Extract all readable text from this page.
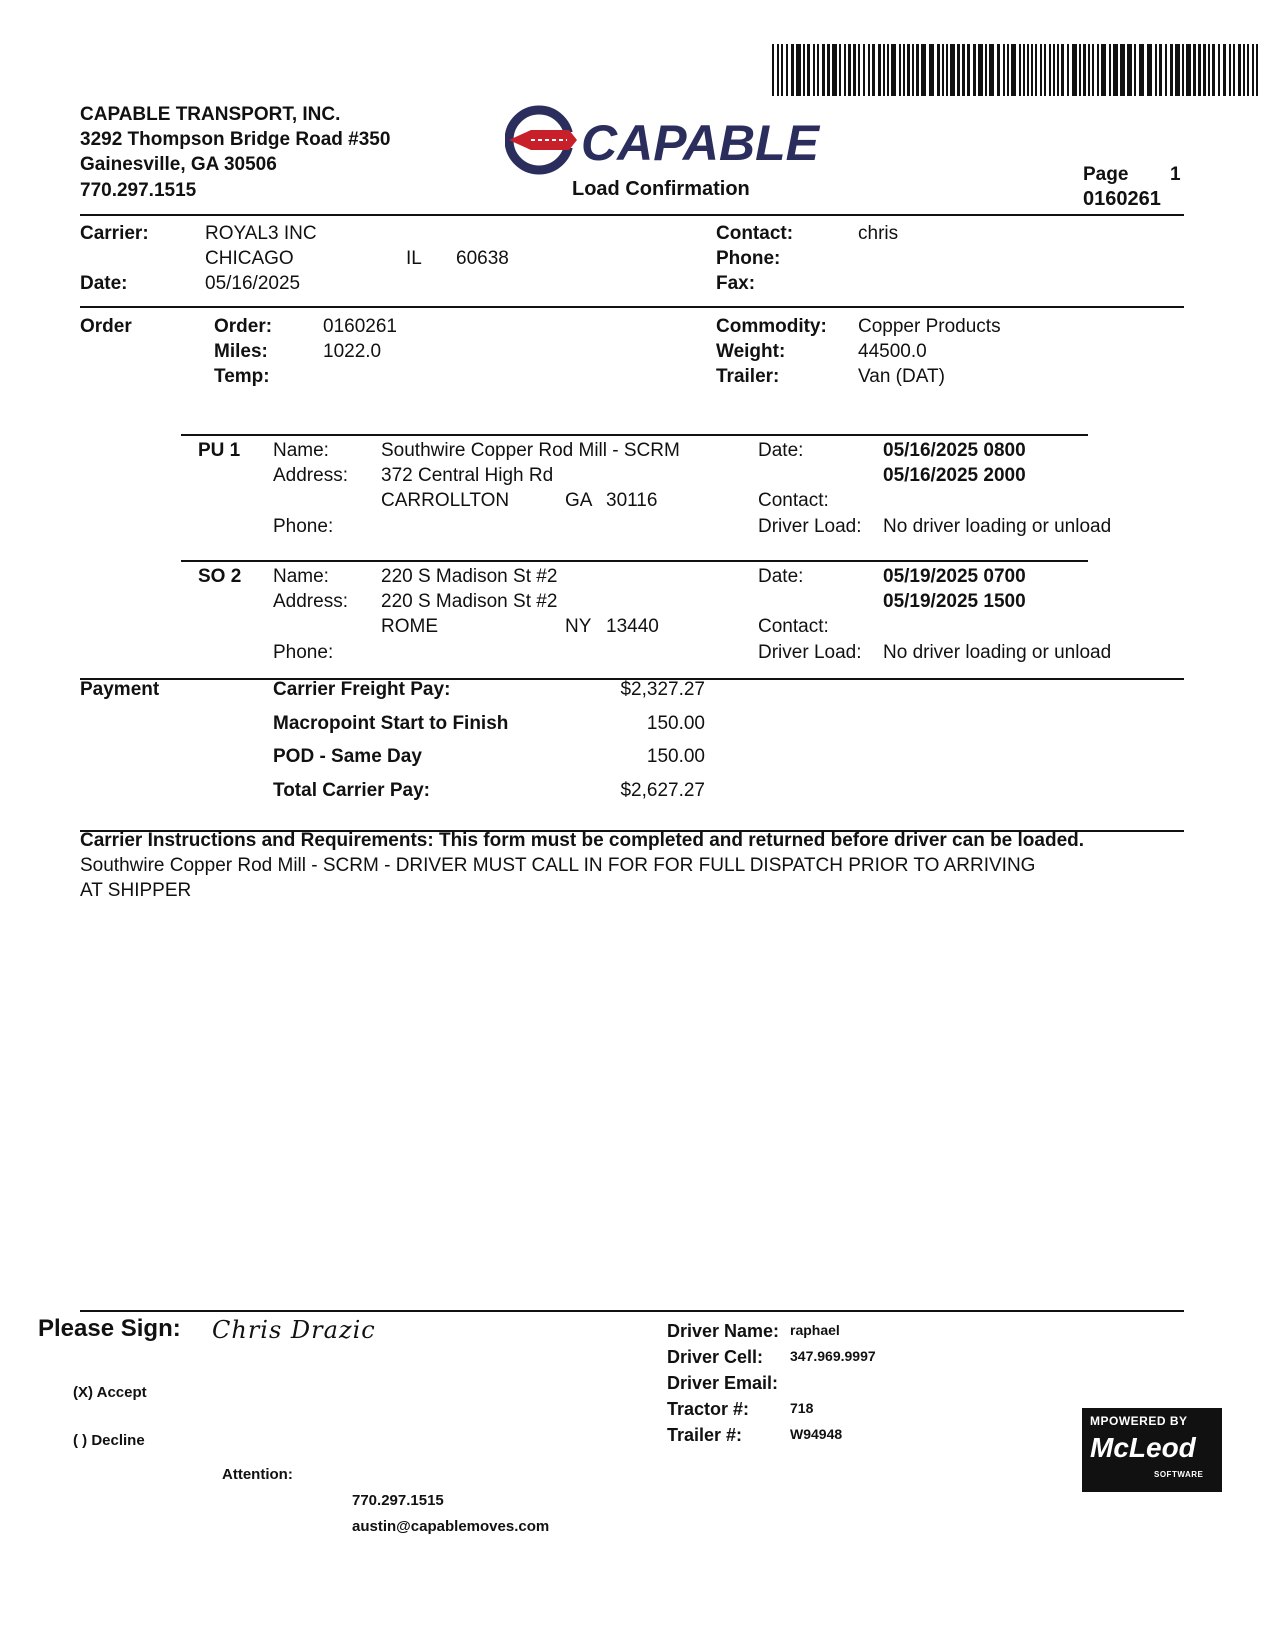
CAPABLE TRANSPORT, INC.
3292 Thompson Bridge Road #350
Gainesville, GA 30506
770.297.1515
CAPABLE
Load Confirmation
Page 1
0160261
Carrier:	ROYAL3 INC
CHICAGO	IL 60638
Date:	05/16/2025
Contact:	chris
Phone:
Fax:
Order	Order:	0160261
Miles:	1022.0
Temp:
Commodity: Copper Products
Weight:	44500.0
Trailer:	Van (DAT)
PU 1 Name:	Southwire Copper Rod Mill - SCRM
Address: 372 Central High Rd
CARROLLTON	GA 30116
Phone:
Date:	05/16/2025 0800
05/16/2025 2000
Contact:
Driver Load: No driver loading or unload
SO 2 Name:	220 S Madison St #2
Address: 220 S Madison St #2
ROME	NY 13440
Phone:
Date:	05/19/2025 0700
05/19/2025 1500
Contact:
Driver Load: No driver loading or unload
Payment	Carrier Freight Pay:	$2,327.27
Macropoint Start to Finish	150.00
POD - Same Day	150.00
Total Carrier Pay:	$2,627.27
Carrier Instructions and Requirements: This form must be completed and returned before driver can be loaded.
Southwire Copper Rod Mill - SCRM - DRIVER MUST CALL IN FOR FOR FULL DISPATCH PRIOR TO ARRIVING
AT SHIPPER
Please Sign: Chris Drazic
(X) Accept
( ) Decline
Attention:
770.297.1515
austin@capablemoves.com
Driver Name: raphael
Driver Cell: 347.969.9997
Driver Email:
Tractor #:	718
Trailer #:	W94948
MPOWERED BY
McLeod
SOFTWARE
